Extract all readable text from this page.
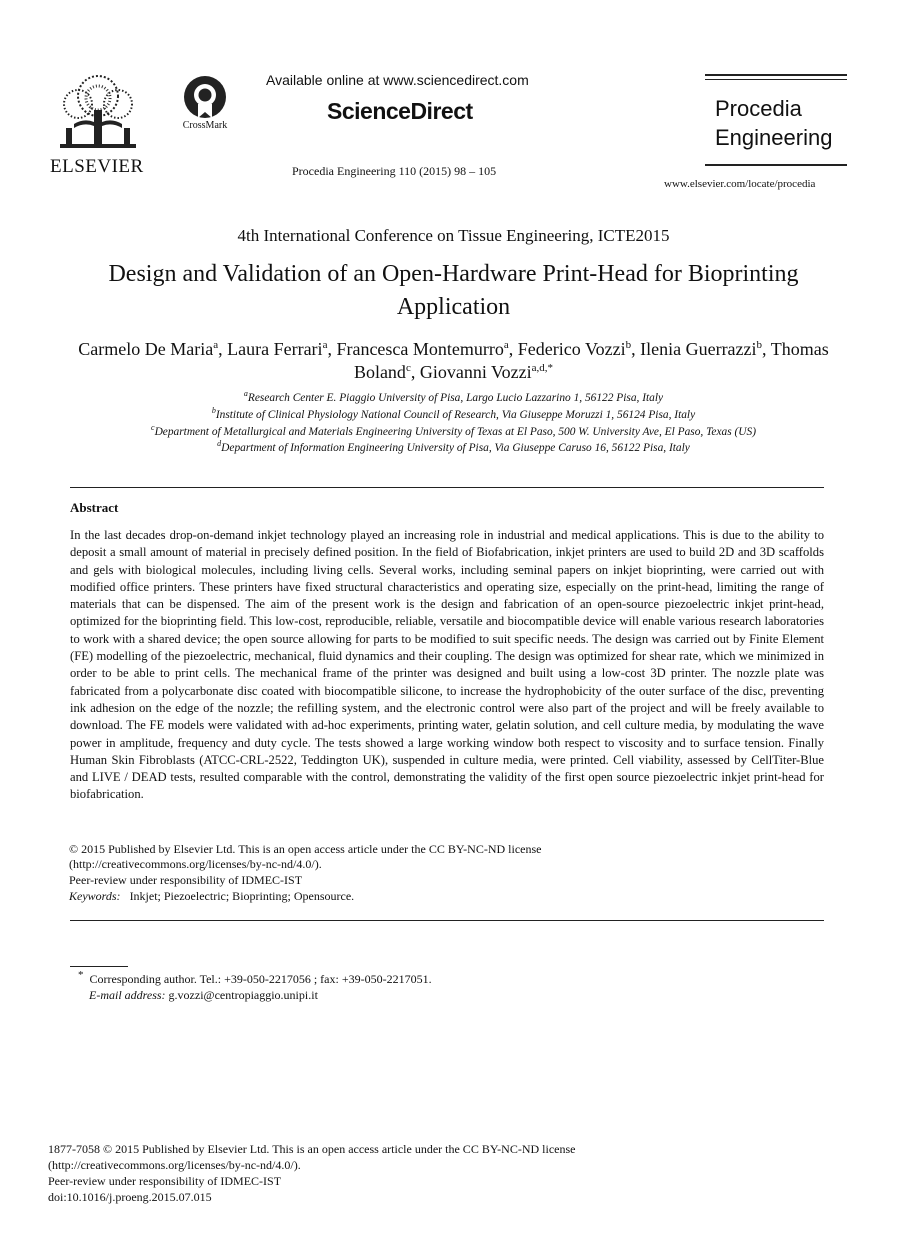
ELSEVIER
CrossMark
Available online at www.sciencedirect.com
ScienceDirect
Procedia Engineering 110 (2015) 98 – 105
Procedia
Engineering
www.elsevier.com/locate/procedia
4th International Conference on Tissue Engineering, ICTE2015
Design and Validation of an Open-Hardware Print-Head for Bioprinting Application
Carmelo De Maria$^a$, Laura Ferrari$^a$, Francesca Montemurro$^a$, Federico Vozzi$^b$, Ilenia Guerrazzi$^b$, Thomas Boland$^c$, Giovanni Vozzi$^{a,d,*}$
$^a$Research Center E. Piaggio University of Pisa, Largo Lucio Lazzarino 1, 56122 Pisa, Italy
$^b$Institute of Clinical Physiology National Council of Research, Via Giuseppe Moruzzi 1, 56124 Pisa, Italy
$^c$Department of Metallurgical and Materials Engineering University of Texas at El Paso, 500 W. University Ave, El Paso, Texas (US)
$^d$Department of Information Engineering University of Pisa, Via Giuseppe Caruso 16, 56122 Pisa, Italy
Abstract
In the last decades drop-on-demand inkjet technology played an increasing role in industrial and medical applications. This is due to the ability to deposit a small amount of material in precisely defined position. In the field of Biofabrication, inkjet printers are used to build 2D and 3D scaffolds and gels with biological molecules, including living cells. Several works, including seminal papers on inkjet bioprinting, were carried out with modified office printers. These printers have fixed structural characteristics and operating size, especially on the print-head, limiting the range of materials that can be dispensed. The aim of the present work is the design and fabrication of an open-source piezoelectric inkjet print-head, optimized for the bioprinting field. This low-cost, reproducible, reliable, versatile and biocompatible device will enable various research laboratories to work with a shared device; the open source allowing for parts to be modified to suit specific needs. The design was carried out by Finite Element (FE) modelling of the piezoelectric, mechanical, fluid dynamics and their coupling. The design was optimized for shear rate, which we minimized in order to be able to print cells. The mechanical frame of the printer was designed and built using a low-cost 3D printer. The nozzle plate was fabricated from a polycarbonate disc coated with biocompatible silicone, to increase the hydrophobicity of the outer surface of the disc, preventing ink adhesion on the edge of the nozzle; the refilling system, and the electronic control were also part of the project and will be freely available to download. The FE models were validated with ad-hoc experiments, printing water, gelatin solution, and cell culture media, by modulating the wave power in amplitude, frequency and duty cycle. The tests showed a large working window both respect to viscosity and to surface tension. Finally Human Skin Fibroblasts (ATCC-CRL-2522, Teddington UK), suspended in culture media, were printed. Cell viability, assessed by CellTiter-Blue and LIVE / DEAD tests, resulted comparable with the control, demonstrating the validity of the first open source piezoelectric inkjet print-head for biofabrication.
© 2015 Published by Elsevier Ltd. This is an open access article under the CC BY-NC-ND license
(http://creativecommons.org/licenses/by-nc-nd/4.0/).
Peer-review under responsibility of IDMEC-IST
Keywords: Inkjet; Piezoelectric; Bioprinting; Opensource.
* Corresponding author. Tel.: +39-050-2217056 ; fax: +39-050-2217051.
E-mail address: g.vozzi@centropiaggio.unipi.it
1877-7058 © 2015 Published by Elsevier Ltd. This is an open access article under the CC BY-NC-ND license
(http://creativecommons.org/licenses/by-nc-nd/4.0/).
Peer-review under responsibility of IDMEC-IST
doi:10.1016/j.proeng.2015.07.015
